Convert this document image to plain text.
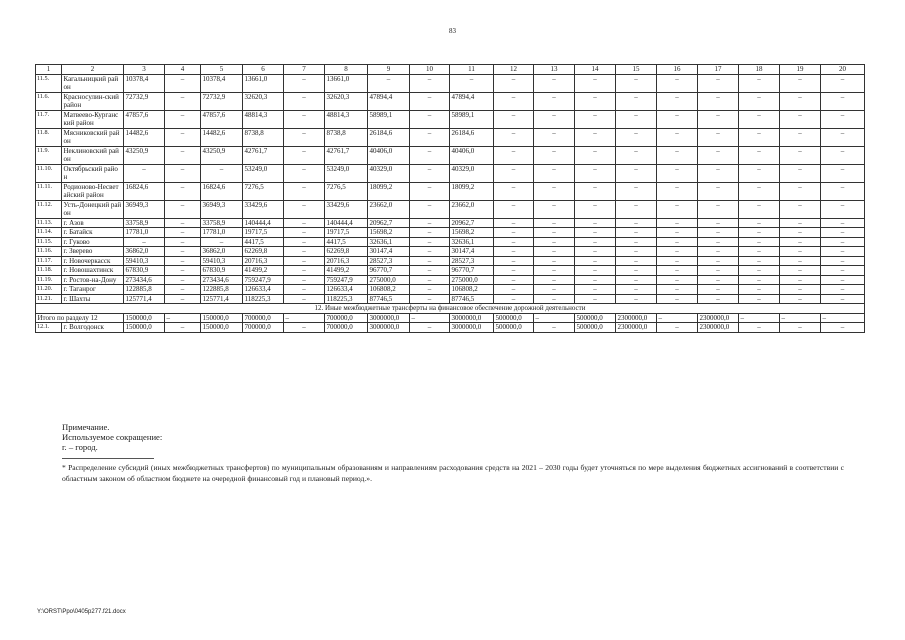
83
1	2	3	4	5	6	7	8	9	10	11	12	13	14	15	16	17	18	19	20
11.5.	Кагальницкий район	10378,4	–	10378,4	13661,0	–	13661,0	–	–	–	–	–	–	–	–	–	–	–	–
11.6.	Красносулин-ский район	72732,9	–	72732,9	32620,3	–	32620,3	47894,4	–	47894,4	–	–	–	–	–	–	–	–	–
11.7.	Матвеево-Курганский район	47857,6	–	47857,6	48814,3	–	48814,3	58989,1	–	58989,1	–	–	–	–	–	–	–	–	–
11.8.	Мясниковский район	14482,6	–	14482,6	8738,8	–	8738,8	26184,6	–	26184,6	–	–	–	–	–	–	–	–	–
11.9.	Неклиновский район	43250,9	–	43250,9	42761,7	–	42761,7	40406,0	–	40406,0	–	–	–	–	–	–	–	–	–
11.10.	Октябрьский район	–	–	–	53249,0	–	53249,0	40329,0	–	40329,0	–	–	–	–	–	–	–	–	–
11.11.	Родионово-Несветайский район	16824,6	–	16824,6	7276,5	–	7276,5	18099,2	–	18099,2	–	–	–	–	–	–	–	–	–
11.12.	Усть-Донецкий район	36949,3	–	36949,3	33429,6	–	33429,6	23662,0	–	23662,0	–	–	–	–	–	–	–	–	–
11.13.	г. Азов	33758,9	–	33758,9	140444,4	–	140444,4	20962,7	–	20962,7	–	–	–	–	–	–	–	–	–
11.14.	г. Батайск	17781,0	–	17781,0	19717,5	–	19717,5	15698,2	–	15698,2	–	–	–	–	–	–	–	–	–
11.15.	г. Гуково	–	–	–	4417,5	–	4417,5	32636,1	–	32636,1	–	–	–	–	–	–	–	–	–
11.16.	г. Зверево	36862,0	–	36862,0	62269,8	–	62269,8	30147,4	–	30147,4	–	–	–	–	–	–	–	–	–
11.17.	г. Новочеркасск	59410,3	–	59410,3	20716,3	–	20716,3	28527,3	–	28527,3	–	–	–	–	–	–	–	–	–
11.18.	г. Новошахтинск	67830,9	–	67830,9	41499,2	–	41499,2	96770,7	–	96770,7	–	–	–	–	–	–	–	–	–
11.19.	г. Ростов-на-Дону	273434,6	–	273434,6	759247,9	–	759247,9	275000,0	–	275000,0	–	–	–	–	–	–	–	–	–
11.20.	г. Таганрог	122885,8	–	122885,8	126633,4	–	126633,4	106808,2	–	106808,2	–	–	–	–	–	–	–	–	–
11.21.	г. Шахты	125771,4	–	125771,4	118225,3	–	118225,3	87746,5	–	87746,5	–	–	–	–	–	–	–	–	–
12. Иные межбюджетные трансферты на финансовое обеспечение дорожной деятельности																			
Итого по разделу 12		150000,0	–	150000,0	700000,0	–	700000,0	3000000,0	–	3000000,0	500000,0	–	500000,0	2300000,0	–	2300000,0	–	–	–
12.1.	г. Волгодонск	150000,0	–	150000,0	700000,0	–	700000,0	3000000,0	–	3000000,0	500000,0	–	500000,0	2300000,0	–	2300000,0	–	–	–
Примечание.
Используемое сокращение:
г. – город.
* Распределение субсидий (иных межбюджетных трансфертов) по муниципальным образованиям и направлениям расходования средств на 2021 – 2030 годы будет уточняться по мере выделения бюджетных ассигнований в соответствии с областным законом об областном бюджете на очередной финансовый год и плановый период.».
Y:\ORST\Ppo\0405p277.f21.docx
